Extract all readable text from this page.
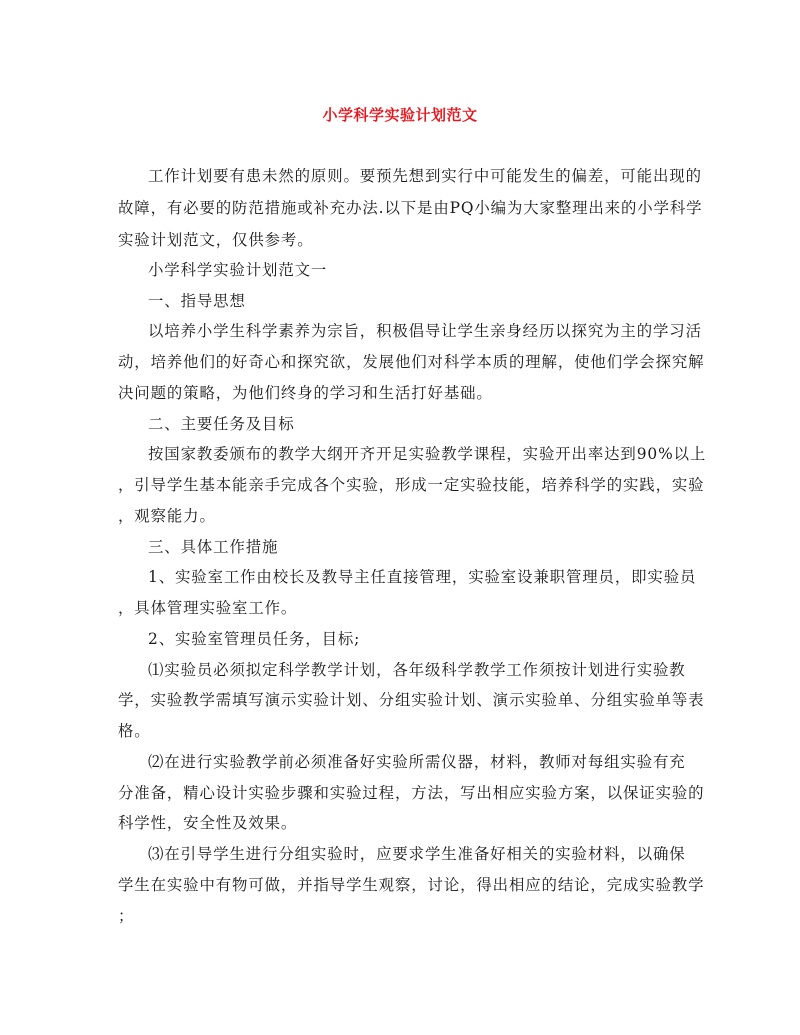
小学科学实验计划范文
工作计划要有患未然的原则。要预先想到实行中可能发生的偏差，可能出现的
故障，有必要的防范措施或补充办法.以下是由PQ小编为大家整理出来的小学科学
实验计划范文，仅供参考。
小学科学实验计划范文一
一、指导思想
以培养小学生科学素养为宗旨，积极倡导让学生亲身经历以探究为主的学习活
动，培养他们的好奇心和探究欲，发展他们对科学本质的理解，使他们学会探究解
决问题的策略，为他们终身的学习和生活打好基础。
二、主要任务及目标
按国家教委颁布的教学大纲开齐开足实验教学课程，实验开出率达到90%以上
，引导学生基本能亲手完成各个实验，形成一定实验技能，培养科学的实践，实验
，观察能力。
三、具体工作措施
1、实验室工作由校长及教导主任直接管理，实验室设兼职管理员，即实验员
，具体管理实验室工作。
2、实验室管理员任务，目标;
⑴实验员必须拟定科学教学计划，各年级科学教学工作须按计划进行实验教
学，实验教学需填写演示实验计划、分组实验计划、演示实验单、分组实验单等表
格。
⑵在进行实验教学前必须准备好实验所需仪器，材料，教师对每组实验有充
分准备，精心设计实验步骤和实验过程，方法，写出相应实验方案，以保证实验的
科学性，安全性及效果。
⑶在引导学生进行分组实验时，应要求学生准备好相关的实验材料，以确保
学生在实验中有物可做，并指导学生观察，讨论，得出相应的结论，完成实验教学
；
